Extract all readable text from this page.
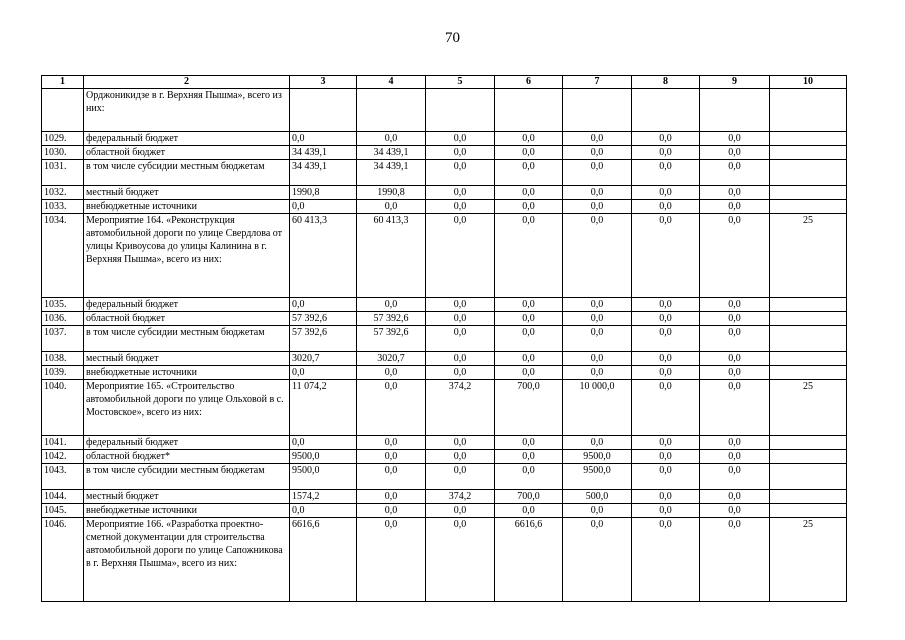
70
1	2	3	4	5	6	7	8	9	10
	Орджоникидзе в г. Верхняя Пышма», всего из них:								
1029.	федеральный бюджет	0,0	0,0	0,0	0,0	0,0	0,0	0,0	
1030.	областной бюджет	34 439,1	34 439,1	0,0	0,0	0,0	0,0	0,0	
1031.	в том числе субсидии местным бюджетам	34 439,1	34 439,1	0,0	0,0	0,0	0,0	0,0	
1032.	местный бюджет	1990,8	1990,8	0,0	0,0	0,0	0,0	0,0	
1033.	внебюджетные источники	0,0	0,0	0,0	0,0	0,0	0,0	0,0	
1034.	Мероприятие 164. «Реконструкция автомобильной дороги по улице Свердлова от улицы Кривоусова до улицы Калинина в г. Верхняя Пышма», всего из них:	60 413,3	60 413,3	0,0	0,0	0,0	0,0	0,0	25
1035.	федеральный бюджет	0,0	0,0	0,0	0,0	0,0	0,0	0,0	
1036.	областной бюджет	57 392,6	57 392,6	0,0	0,0	0,0	0,0	0,0	
1037.	в том числе субсидии местным бюджетам	57 392,6	57 392,6	0,0	0,0	0,0	0,0	0,0	
1038.	местный бюджет	3020,7	3020,7	0,0	0,0	0,0	0,0	0,0	
1039.	внебюджетные источники	0,0	0,0	0,0	0,0	0,0	0,0	0,0	
1040.	Мероприятие 165. «Строительство автомобильной дороги по улице Ольховой в с. Мостовское», всего из них:	11 074,2	0,0	374,2	700,0	10 000,0	0,0	0,0	25
1041.	федеральный бюджет	0,0	0,0	0,0	0,0	0,0	0,0	0,0	
1042.	областной бюджет*	9500,0	0,0	0,0	0,0	9500,0	0,0	0,0	
1043.	в том числе субсидии местным бюджетам	9500,0	0,0	0,0	0,0	9500,0	0,0	0,0	
1044.	местный бюджет	1574,2	0,0	374,2	700,0	500,0	0,0	0,0	
1045.	внебюджетные источники	0,0	0,0	0,0	0,0	0,0	0,0	0,0	
1046.	Мероприятие 166. «Разработка проектно-сметной документации для строительства автомобильной дороги по улице Сапожникова в г. Верхняя Пышма», всего из них:	6616,6	0,0	0,0	6616,6	0,0	0,0	0,0	25
